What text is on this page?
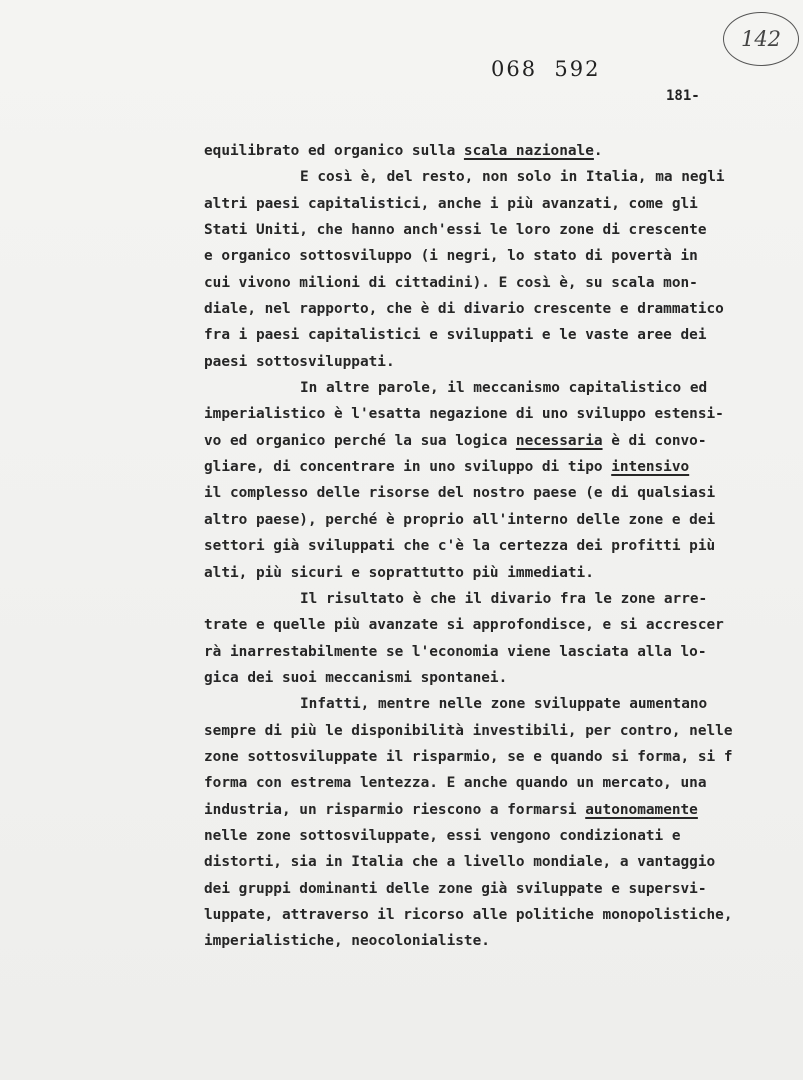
142
068  592
181-
equilibrato ed organico sulla scala nazionale.
E così è, del resto, non solo in Italia, ma negli
altri paesi capitalistici, anche i più avanzati, come gli
Stati Uniti, che hanno anch'essi le loro zone di crescente
e organico sottosviluppo (i negri, lo stato di povertà in
cui vivono milioni di cittadini). E così è, su scala mon-
diale, nel rapporto, che è di divario crescente e drammatico
fra i paesi capitalistici e sviluppati e le vaste aree dei
paesi sottosviluppati.
In altre parole, il meccanismo capitalistico ed
imperialistico è l'esatta negazione di uno sviluppo estensi-
vo ed organico perché la sua logica necessaria è di convo-
gliare, di concentrare in uno sviluppo di tipo intensivo
il complesso delle risorse del nostro paese (e di qualsiasi
altro paese), perché è proprio all'interno delle zone e dei
settori già sviluppati che c'è la certezza dei profitti più
alti, più sicuri e soprattutto più immediati.
Il risultato è che il divario fra le zone arre-
trate e quelle più avanzate si approfondisce, e si accrescer
rà inarrestabilmente se l'economia viene lasciata alla lo-
gica dei suoi meccanismi spontanei.
Infatti, mentre nelle zone sviluppate aumentano
sempre di più le disponibilità investibili, per contro, nelle
zone sottosviluppate il risparmio, se e quando si forma, si f
forma con estrema lentezza. E anche quando un mercato, una
industria, un risparmio riescono a formarsi autonomamente
nelle zone sottosviluppate, essi vengono condizionati e
distorti, sia in Italia che a livello mondiale, a vantaggio
dei gruppi dominanti delle zone già sviluppate e supersvi-
luppate, attraverso il ricorso alle politiche monopolistiche,
imperialistiche, neocolonialiste.
